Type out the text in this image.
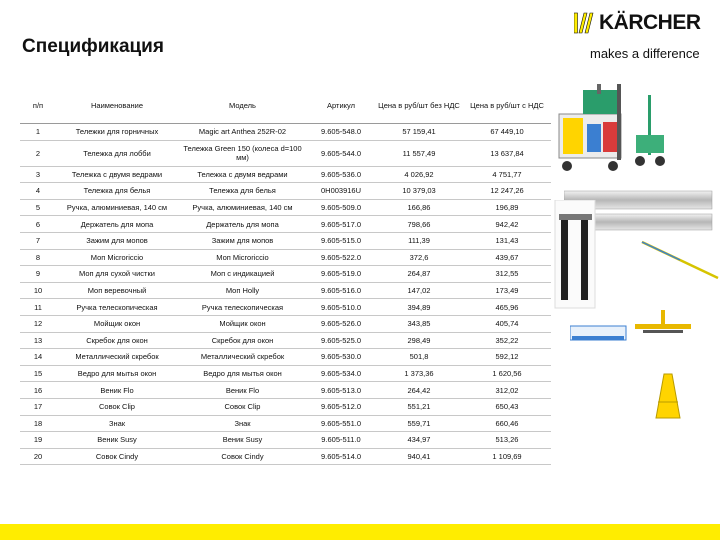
Спецификация
KÄRCHER
makes a difference
п/п	Наименование	Модель	Артикул	Цена в руб/шт без НДС	Цена в руб/шт с НДС
1	Тележки для горничных	Magic art Anthea 252R-02	9.605-548.0	57 159,41	67 449,10
2	Тележка для лобби	Тележка Green 150 (колеса d=100 мм)	9.605-544.0	11 557,49	13 637,84
3	Тележка с двумя ведрами	Тележка с двумя ведрами	9.605-536.0	4 026,92	4 751,77
4	Тележка для белья	Тележка для белья	0Н003916U	10 379,03	12 247,26
5	Ручка, алюминиевая, 140 см	Ручка, алюминиевая, 140 см	9.605-509.0	166,86	196,89
6	Держатель для мопа	Держатель для мопа	9.605-517.0	798,66	942,42
7	Зажим для мопов	Зажим для мопов	9.605-515.0	111,39	131,43
8	Моп Microriccio	Моп Microriccio	9.605-522.0	372,6	439,67
9	Моп для сухой чистки	Моп с индикацией	9.605-519.0	264,87	312,55
10	Моп веревочный	Моп Holly	9.605-516.0	147,02	173,49
11	Ручка телескопическая	Ручка телескопическая	9.605-510.0	394,89	465,96
12	Мойщик окон	Мойщик окон	9.605-526.0	343,85	405,74
13	Скребок для окон	Скребок для окон	9.605-525.0	298,49	352,22
14	Металлический скребок	Металлический скребок	9.605-530.0	501,8	592,12
15	Ведро для мытья окон	Ведро для мытья окон	9.605-534.0	1 373,36	1 620,56
16	Веник Flo	Веник Flo	9.605-513.0	264,42	312,02
17	Совок Clip	Совок Clip	9.605-512.0	551,21	650,43
18	Знак	Знак	9.605-551.0	559,71	660,46
19	Веник Susy	Веник Susy	9.605-511.0	434,97	513,26
20	Совок Cindy	Совок Cindy	9.605-514.0	940,41	1 109,69
